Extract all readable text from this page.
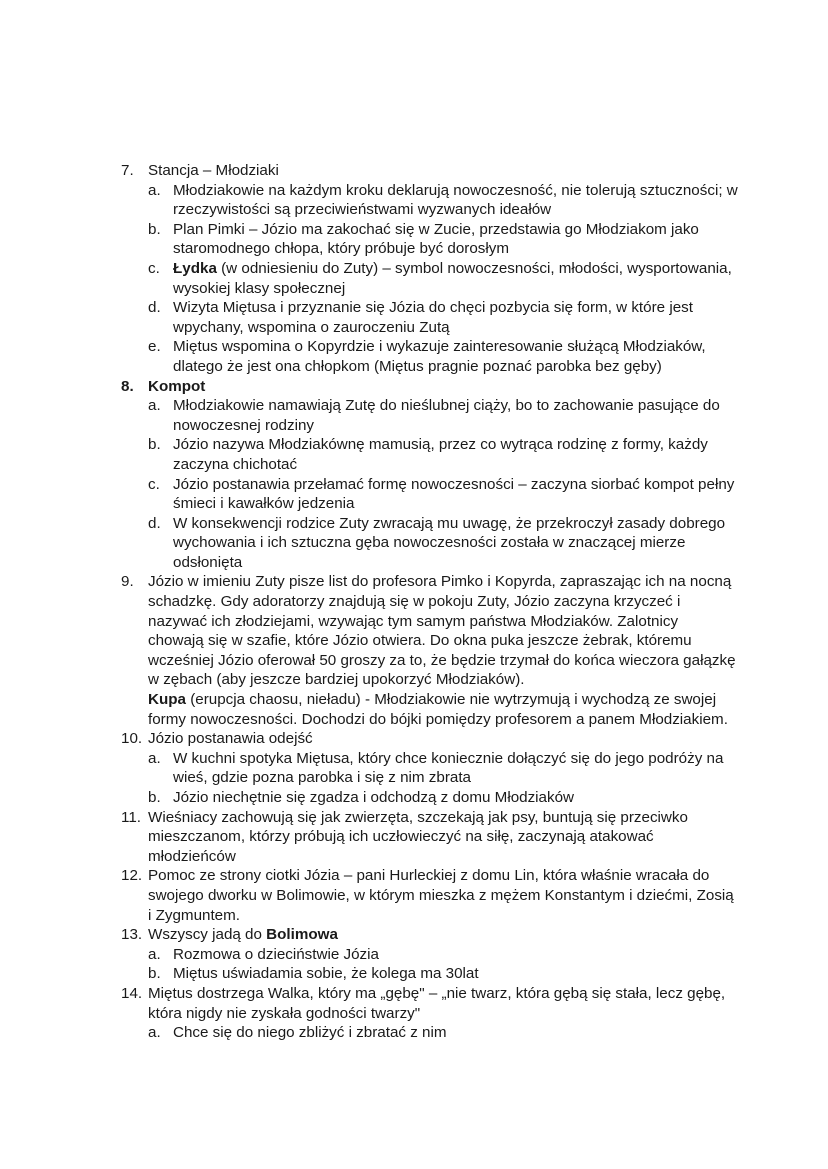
7. Stancja – Młodziaki
a. Młodziakowie na każdym kroku deklarują nowoczesność, nie tolerują sztuczności; w rzeczywistości są przeciwieństwami wyzwanych ideałów
b. Plan Pimki – Józio ma zakochać się w Zucie, przedstawia go Młodziakom jako staromodnego chłopa, który próbuje być dorosłym
c. Łydka (w odniesieniu do Zuty) – symbol nowoczesności, młodości, wysportowania, wysokiej klasy społecznej
d. Wizyta Miętusa i przyznanie się Józia do chęci pozbycia się form, w które jest wpychany, wspomina o zauroczeniu Zutą
e. Miętus wspomina o Kopyrdzie i wykazuje zainteresowanie służącą Młodziaków, dlatego że jest ona chłopkom (Miętus pragnie poznać parobka bez gęby)
8. Kompot
a. Młodziakowie namawiają Zutę do nieślubnej ciąży, bo to zachowanie pasujące do nowoczesnej rodziny
b. Józio nazywa Młodziakównę mamusią, przez co wytrąca rodzinę z formy, każdy zaczyna chichotać
c. Józio postanawia przełamać formę nowoczesności – zaczyna siorbać kompot pełny śmieci i kawałków jedzenia
d. W konsekwencji rodzice Zuty zwracają mu uwagę, że przekroczył zasady dobrego wychowania i ich sztuczna gęba nowoczesności została w znaczącej mierze odsłonięta
9. Józio w imieniu Zuty pisze list do profesora Pimko i Kopyrda, zapraszając ich na nocną schadzkę. Gdy adoratorzy znajdują się w pokoju Zuty, Józio zaczyna krzyczeć i nazywać ich złodziejami, wzywając tym samym państwa Młodziaków. Zalotnicy chowają się w szafie, które Józio otwiera. Do okna puka jeszcze żebrak, któremu wcześniej Józio oferował 50 groszy za to, że będzie trzymał do końca wieczora gałązkę w zębach (aby jeszcze bardziej upokorzyć Młodziaków).
Kupa (erupcja chaosu, nieładu) - Młodziakowie nie wytrzymują i wychodzą ze swojej formy nowoczesności. Dochodzi do bójki pomiędzy profesorem a panem Młodziakiem.
10. Józio postanawia odejść
a. W kuchni spotyka Miętusa, który chce koniecznie dołączyć się do jego podróży na wieś, gdzie pozna parobka i się z nim zbrata
b. Józio niechętnie się zgadza i odchodzą z domu Młodziaków
11. Wieśniacy zachowują się jak zwierzęta, szczekają jak psy, buntują się przeciwko mieszczanom, którzy próbują ich uczłowieczyć na siłę, zaczynają atakować młodzieńców
12. Pomoc ze strony ciotki Józia – pani Hurleckiej z domu Lin, która właśnie wracała do swojego dworku w Bolimowie, w którym mieszka z mężem Konstantym i dziećmi, Zosią i Zygmuntem.
13. Wszyscy jadą do Bolimowa
a. Rozmowa o dzieciństwie Józia
b. Miętus uświadamia sobie, że kolega ma 30lat
14. Miętus dostrzega Walka, który ma „gębę" – „nie twarz, która gębą się stała, lecz gębę, która nigdy nie zyskała godności twarzy"
a. Chce się do niego zbliżyć i zbratać z nim
